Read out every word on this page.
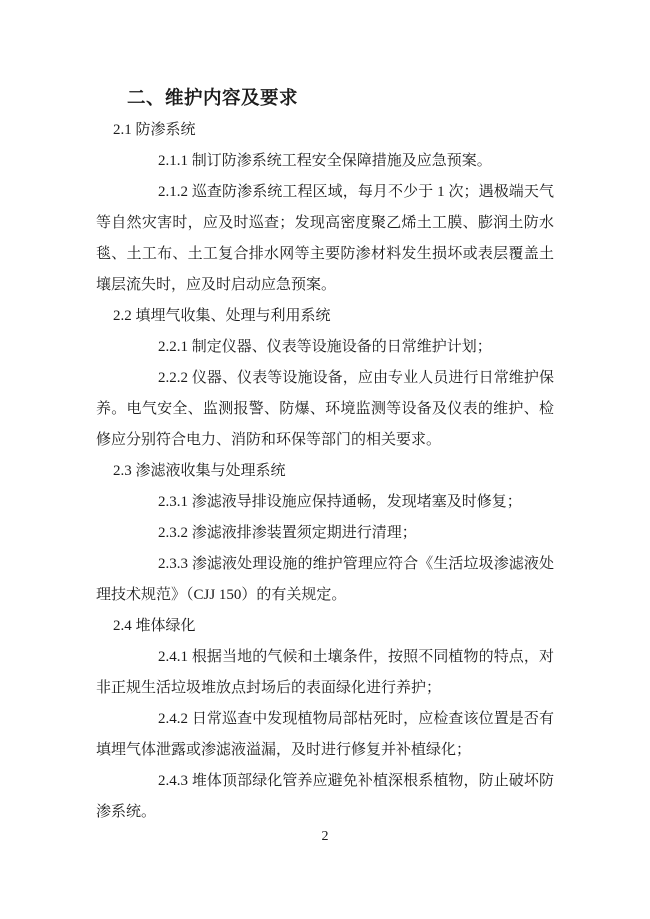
二、维护内容及要求

2.1 防渗系统

2.1.1 制订防渗系统工程安全保障措施及应急预案。

2.1.2 巡查防渗系统工程区域，每月不少于 1 次；遇极端天气等自然灾害时，应及时巡查；发现高密度聚乙烯土工膜、膨润土防水毯、土工布、土工复合排水网等主要防渗材料发生损坏或表层覆盖土壤层流失时，应及时启动应急预案。

2.2 填埋气收集、处理与利用系统

2.2.1 制定仪器、仪表等设施设备的日常维护计划；

2.2.2 仪器、仪表等设施设备，应由专业人员进行日常维护保养。电气安全、监测报警、防爆、环境监测等设备及仪表的维护、检修应分别符合电力、消防和环保等部门的相关要求。

2.3 渗滤液收集与处理系统

2.3.1 渗滤液导排设施应保持通畅，发现堵塞及时修复；

2.3.2 渗滤液排渗装置须定期进行清理；

2.3.3 渗滤液处理设施的维护管理应符合《生活垃圾渗滤液处理技术规范》（CJJ 150）的有关规定。

2.4 堆体绿化

2.4.1 根据当地的气候和土壤条件，按照不同植物的特点，对非正规生活垃圾堆放点封场后的表面绿化进行养护；

2.4.2 日常巡查中发现植物局部枯死时，应检查该位置是否有填埋气体泄露或渗滤液溢漏，及时进行修复并补植绿化；

2.4.3 堆体顶部绿化管养应避免补植深根系植物，防止破坏防渗系统。

2
